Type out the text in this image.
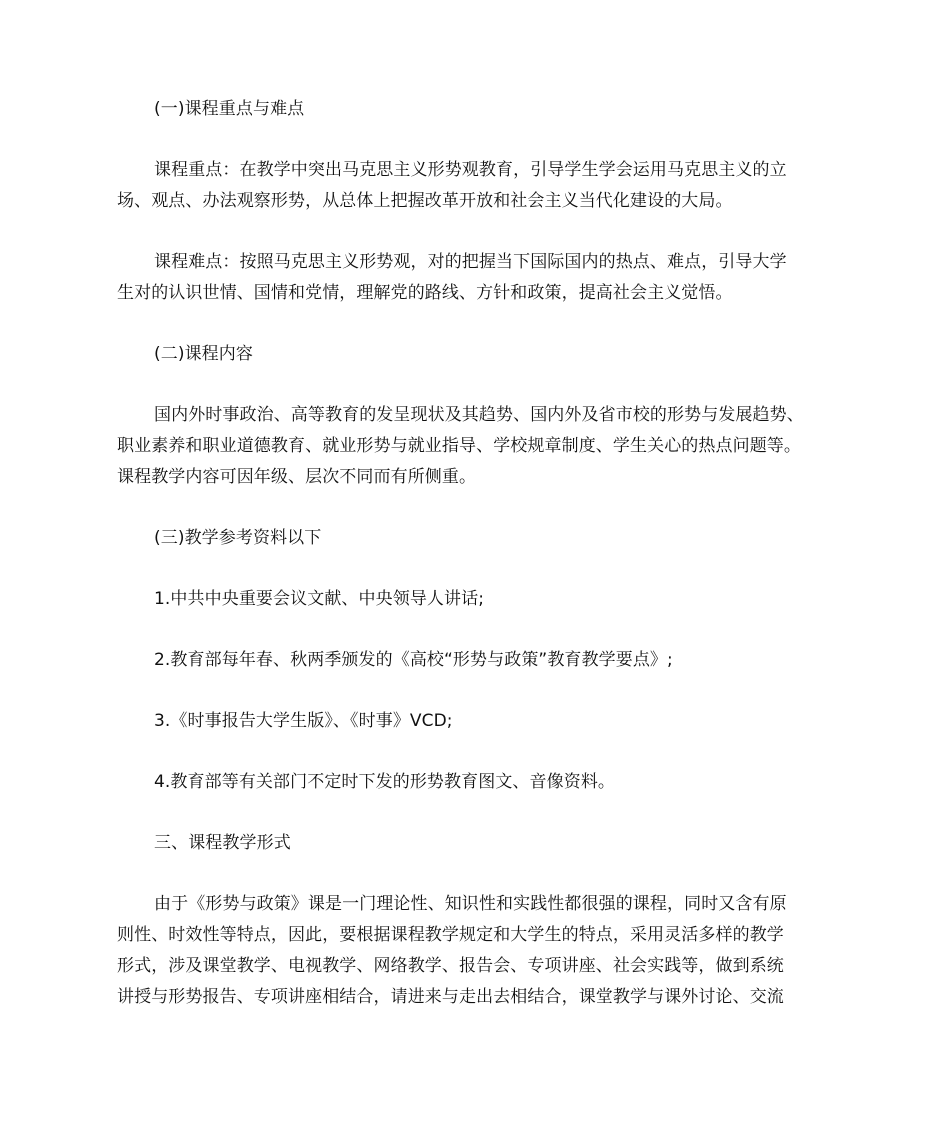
(一)课程重点与难点

课程重点：在教学中突出马克思主义形势观教育，引导学生学会运用马克思主义的立
场、观点、办法观察形势，从总体上把握改革开放和社会主义当代化建设的大局。

课程难点：按照马克思主义形势观，对的把握当下国际国内的热点、难点，引导大学
生对的认识世情、国情和党情，理解党的路线、方针和政策，提高社会主义觉悟。

(二)课程内容

国内外时事政治、高等教育的发呈现状及其趋势、国内外及省市校的形势与发展趋势、
职业素养和职业道德教育、就业形势与就业指导、学校规章制度、学生关心的热点问题等。
课程教学内容可因年级、层次不同而有所侧重。

(三)教学参考资料以下

1.中共中央重要会议文献、中央领导人讲话;

2.教育部每年春、秋两季颁发的《高校“形势与政策”教育教学要点》;

3.《时事报告大学生版》、《时事》VCD;

4.教育部等有关部门不定时下发的形势教育图文、音像资料。

三、课程教学形式

由于《形势与政策》课是一门理论性、知识性和实践性都很强的课程，同时又含有原
则性、时效性等特点，因此，要根据课程教学规定和大学生的特点，采用灵活多样的教学
形式，涉及课堂教学、电视教学、网络教学、报告会、专项讲座、社会实践等，做到系统
讲授与形势报告、专项讲座相结合，请进来与走出去相结合，课堂教学与课外讨论、交流
